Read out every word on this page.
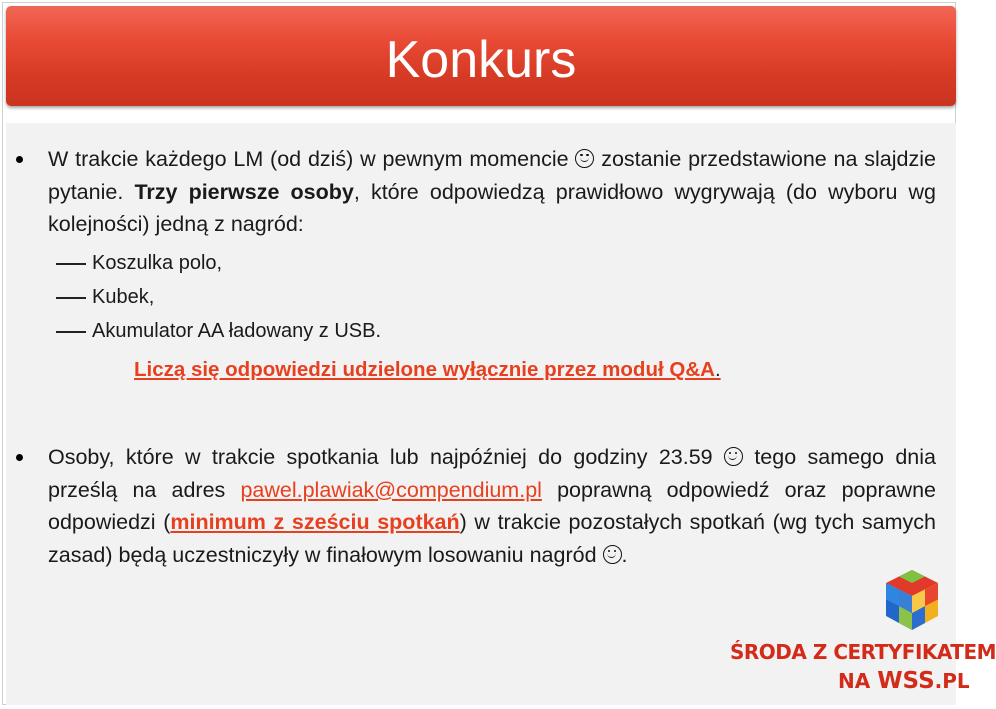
Konkurs
W trakcie każdego LM (od dziś) w pewnym momencie  zostanie przedstawione na slajdzie pytanie. Trzy pierwsze osoby, które odpowiedzą prawidłowo wygrywają (do wyboru wg kolejności) jedną z nagród:
Koszulka polo,
Kubek,
Akumulator AA ładowany z USB.
Liczą się odpowiedzi udzielone wyłącznie przez moduł Q&A.
Osoby, które w trakcie spotkania lub najpóźniej do godziny 23.59  tego samego dnia prześlą na adres pawel.plawiak@compendium.pl poprawną odpowiedź oraz poprawne odpowiedzi (minimum z sześciu spotkań) w trakcie pozostałych spotkań (wg tych samych zasad) będą uczestniczyły w finałowym losowaniu nagród .
ŚRODA Z CERTYFIKATEM
NA WSS.PL
